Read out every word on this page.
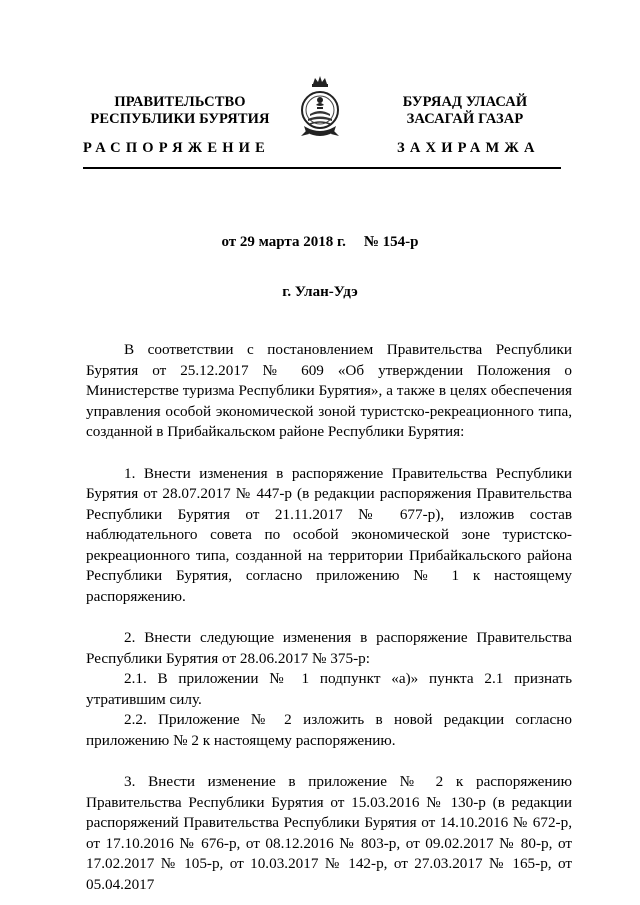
ПРАВИТЕЛЬСТВО
РЕСПУБЛИКИ БУРЯТИЯ
БУРЯАД УЛАСАЙ
ЗАСАГАЙ ГАЗАР
РАСПОРЯЖЕНИЕ	ЗАХИРАМЖА
от 29 марта 2018 г. № 154-р
г. Улан-Удэ

В соответствии с постановлением Правительства Республики Бурятия от 25.12.2017 № 609 «Об утверждении Положения о Министерстве туризма Республики Бурятия», а также в целях обеспечения управления особой экономической зоной туристско-рекреационного типа, созданной в Прибайкальском районе Республики Бурятия:

1. Внести изменения в распоряжение Правительства Республики Бурятия от 28.07.2017 № 447-р (в редакции распоряжения Правительства Республики Бурятия от 21.11.2017 № 677-р), изложив состав наблюдательного совета по особой экономической зоне туристско-рекреационного типа, созданной на территории Прибайкальского района Республики Бурятия, согласно приложению № 1 к настоящему распоряжению.

2. Внести следующие изменения в распоряжение Правительства Республики Бурятия от 28.06.2017 № 375-р:

2.1. В приложении № 1 подпункт «а)» пункта 2.1 признать утратившим силу.

2.2. Приложение № 2 изложить в новой редакции согласно приложению № 2 к настоящему распоряжению.

3. Внести изменение в приложение № 2 к распоряжению Правительства Республики Бурятия от 15.03.2016 № 130-р (в редакции распоряжений Правительства Республики Бурятия от 14.10.2016 № 672-р, от 17.10.2016 № 676-р, от 08.12.2016 № 803-р, от 09.02.2017 № 80-р, от 17.02.2017 № 105-р, от 10.03.2017 № 142-р, от 27.03.2017 № 165-р, от 05.04.2017
